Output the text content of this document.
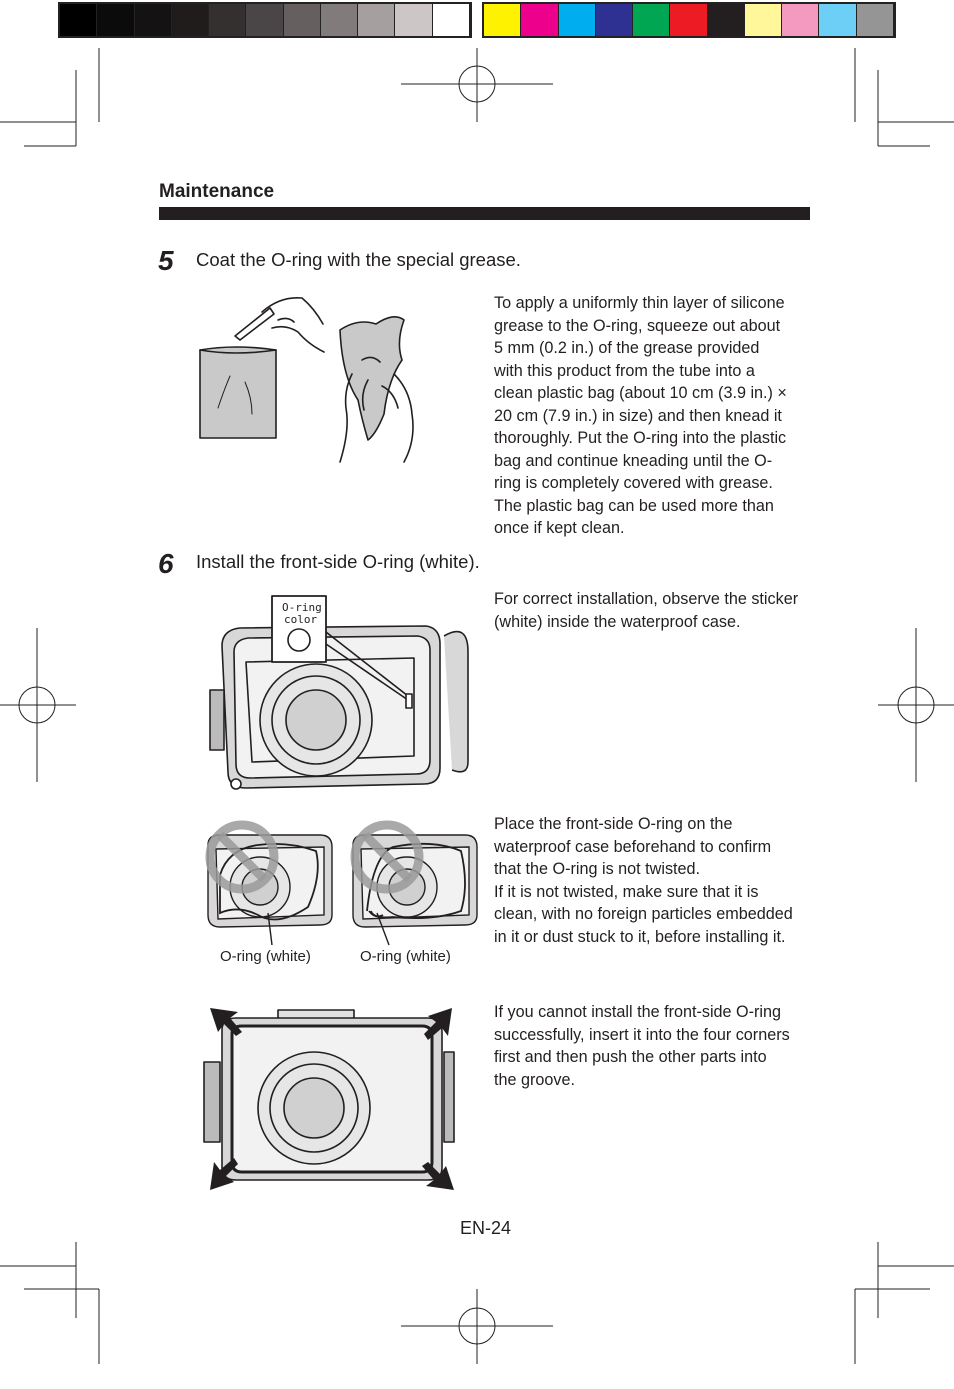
Maintenance
5 Coat the O-ring with the special grease.
To apply a uniformly thin layer of silicone
grease to the O-ring, squeeze out about
5 mm (0.2 in.) of the grease provided
with this product from the tube into a
clean plastic bag (about 10 cm (3.9 in.) ×
20 cm (7.9 in.) in size) and then knead it
thoroughly. Put the O-ring into the plastic
bag and continue kneading until the O-
ring is completely covered with grease.
The plastic bag can be used more than
once if kept clean.
6 Install the front-side O-ring (white).
O-ring
color
For correct installation, observe the sticker
(white) inside the waterproof case.
O-ring (white)	O-ring (white)
Place the front-side O-ring on the
waterproof case beforehand to confirm
that the O-ring is not twisted.
If it is not twisted, make sure that it is
clean, with no foreign particles embedded
in it or dust stuck to it, before installing it.
If you cannot install the front-side O-ring
successfully, insert it into the four corners
first and then push the other parts into
the groove.
EN-24
